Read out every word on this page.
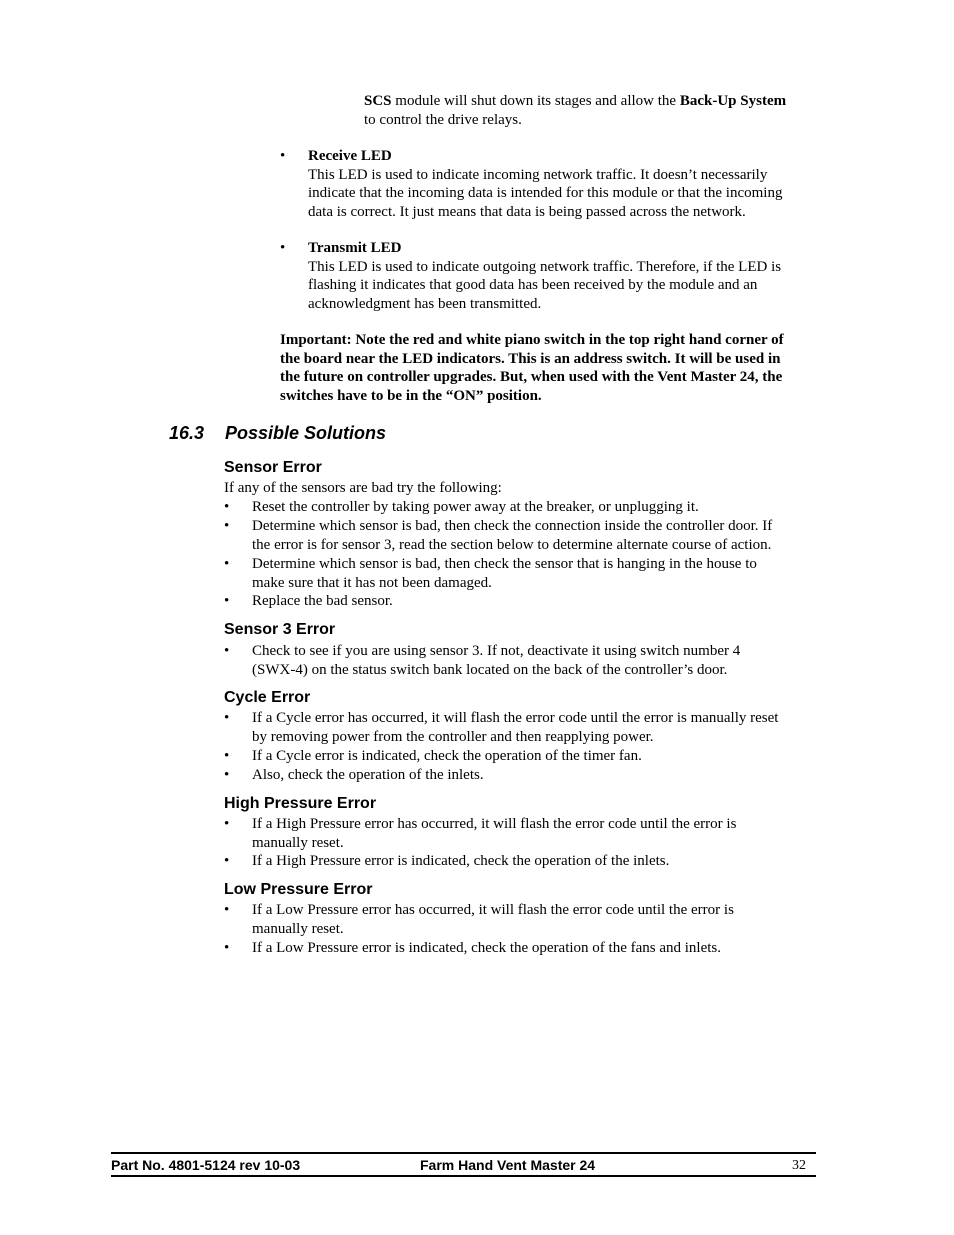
SCS module will shut down its stages and allow the Back-Up System
to control the drive relays.
• Receive LED
This LED is used to indicate incoming network traffic. It doesn’t necessarily
indicate that the incoming data is intended for this module or that the incoming
data is correct. It just means that data is being passed across the network.
• Transmit LED
This LED is used to indicate outgoing network traffic. Therefore, if the LED is
flashing it indicates that good data has been received by the module and an
acknowledgment has been transmitted.
Important: Note the red and white piano switch in the top right hand corner of
the board near the LED indicators. This is an address switch. It will be used in
the future on controller upgrades. But, when used with the Vent Master 24, the
switches have to be in the “ON” position.
16.3 Possible Solutions
Sensor Error
If any of the sensors are bad try the following:
• Reset the controller by taking power away at the breaker, or unplugging it.
• Determine which sensor is bad, then check the connection inside the controller door. If
the error is for sensor 3, read the section below to determine alternate course of action.
• Determine which sensor is bad, then check the sensor that is hanging in the house to
make sure that it has not been damaged.
• Replace the bad sensor.
Sensor 3 Error
• Check to see if you are using sensor 3. If not, deactivate it using switch number 4
(SWX-4) on the status switch bank located on the back of the controller’s door.
Cycle Error
• If a Cycle error has occurred, it will flash the error code until the error is manually reset
by removing power from the controller and then reapplying power.
• If a Cycle error is indicated, check the operation of the timer fan.
• Also, check the operation of the inlets.
High Pressure Error
• If a High Pressure error has occurred, it will flash the error code until the error is
manually reset.
• If a High Pressure error is indicated, check the operation of the inlets.
Low Pressure Error
• If a Low Pressure error has occurred, it will flash the error code until the error is
manually reset.
• If a Low Pressure error is indicated, check the operation of the fans and inlets.
Part No. 4801-5124 rev 10-03	Farm Hand Vent Master 24	32
